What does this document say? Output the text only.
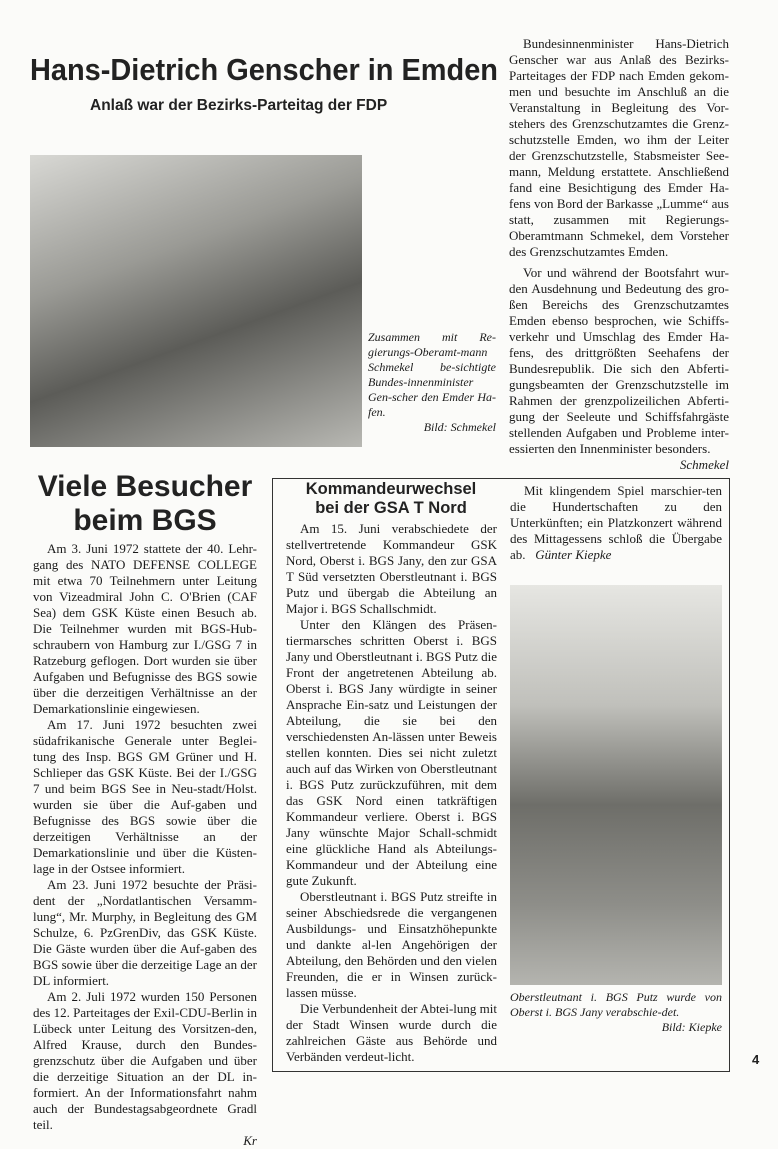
Hans-Dietrich Genscher in Emden
Anlaß war der Bezirks-Parteitag der FDP
Zusammen mit Re-gierungs-Oberamt-mann Schmekel be-sichtigte Bundes-innenminister Gen-scher den Emder Ha-fen.
Bild: Schmekel

Bundesinnenminister Hans-Dietrich Genscher war aus Anlaß des Bezirks-Parteitages der FDP nach Emden gekom-men und besuchte im Anschluß an die Veranstaltung in Begleitung des Vor-stehers des Grenzschutzamtes die Grenz-schutzstelle Emden, wo ihm der Leiter der Grenzschutzstelle, Stabsmeister See-mann, Meldung erstattete. Anschließend fand eine Besichtigung des Emder Ha-fens von Bord der Barkasse „Lumme“ aus statt, zusammen mit Regierungs-Oberamtmann Schmekel, dem Vorsteher des Grenzschutzamtes Emden.

Vor und während der Bootsfahrt wur-den Ausdehnung und Bedeutung des gro-ßen Bereichs des Grenzschutzamtes Emden ebenso besprochen, wie Schiffs-verkehr und Umschlag des Emder Ha-fens, des drittgrößten Seehafens der Bundesrepublik. Die sich den Abferti-gungsbeamten der Grenzschutzstelle im Rahmen der grenzpolizeilichen Abferti-gung der Seeleute und Schiffsfahrgäste stellenden Aufgaben und Probleme inter-essierten den Innenminister besonders.

Schmekel
Viele Besucher
beim BGS

Am 3. Juni 1972 stattete der 40. Lehr-gang des NATO DEFENSE COLLEGE mit etwa 70 Teilnehmern unter Leitung von Vizeadmiral John C. O'Brien (CAF Sea) dem GSK Küste einen Besuch ab. Die Teilnehmer wurden mit BGS-Hub-schraubern von Hamburg zur I./GSG 7 in Ratzeburg geflogen. Dort wurden sie über Aufgaben und Befugnisse des BGS sowie über die derzeitigen Verhältnisse an der Demarkationslinie eingewiesen.

Am 17. Juni 1972 besuchten zwei südafrikanische Generale unter Beglei-tung des Insp. BGS GM Grüner und H. Schlieper das GSK Küste. Bei der I./GSG 7 und beim BGS See in Neu-stadt/Holst. wurden sie über die Auf-gaben und Befugnisse des BGS sowie über die derzeitigen Verhältnisse an der Demarkationslinie und über die Küsten-lage in der Ostsee informiert.

Am 23. Juni 1972 besuchte der Präsi-dent der „Nordatlantischen Versamm-lung“, Mr. Murphy, in Begleitung des GM Schulze, 6. PzGrenDiv, das GSK Küste. Die Gäste wurden über die Auf-gaben des BGS sowie über die derzeitige Lage an der DL informiert.

Am 2. Juli 1972 wurden 150 Personen des 12. Parteitages der Exil-CDU-Berlin in Lübeck unter Leitung des Vorsitzen-den, Alfred Krause, durch den Bundes-grenzschutz über die Aufgaben und über die derzeitige Situation an der DL in-formiert. An der Informationsfahrt nahm auch der Bundestagsabgeordnete Gradl teil.

Kr
Kommandeurwechsel
bei der GSA T Nord

Am 15. Juni verabschiedete der stellvertretende Kommandeur GSK Nord, Oberst i. BGS Jany, den zur GSA T Süd versetzten Oberstleutnant i. BGS Putz und übergab die Abteilung an Major i. BGS Schallschmidt.

Unter den Klängen des Präsen-tiermarsches schritten Oberst i. BGS Jany und Oberstleutnant i. BGS Putz die Front der angetretenen Abteilung ab. Oberst i. BGS Jany würdigte in seiner Ansprache Ein-satz und Leistungen der Abteilung, die sie bei den verschiedensten An-lässen unter Beweis stellen konnten. Dies sei nicht zuletzt auch auf das Wirken von Oberstleutnant i. BGS Putz zurückzuführen, mit dem das GSK Nord einen tatkräftigen Kommandeur verliere. Oberst i. BGS Jany wünschte Major Schall-schmidt eine glückliche Hand als Abteilungs-Kommandeur und der Abteilung eine gute Zukunft.

Oberstleutnant i. BGS Putz streifte in seiner Abschiedsrede die vergangenen Ausbildungs- und Einsatzhöhepunkte und dankte al-len Angehörigen der Abteilung, den Behörden und den vielen Freunden, die er in Winsen zurück-lassen müsse.

Die Verbundenheit der Abtei-lung mit der Stadt Winsen wurde durch die zahlreichen Gäste aus Behörde und Verbänden verdeut-licht.

Mit klingendem Spiel marschier-ten die Hundertschaften zu den Unterkünften; ein Platzkonzert während des Mittagessens schloß die Übergabe ab. Günter Kiepke

Oberstleutnant i. BGS Putz wurde von Oberst i. BGS Jany verabschie-det.
Bild: Kiepke
4
